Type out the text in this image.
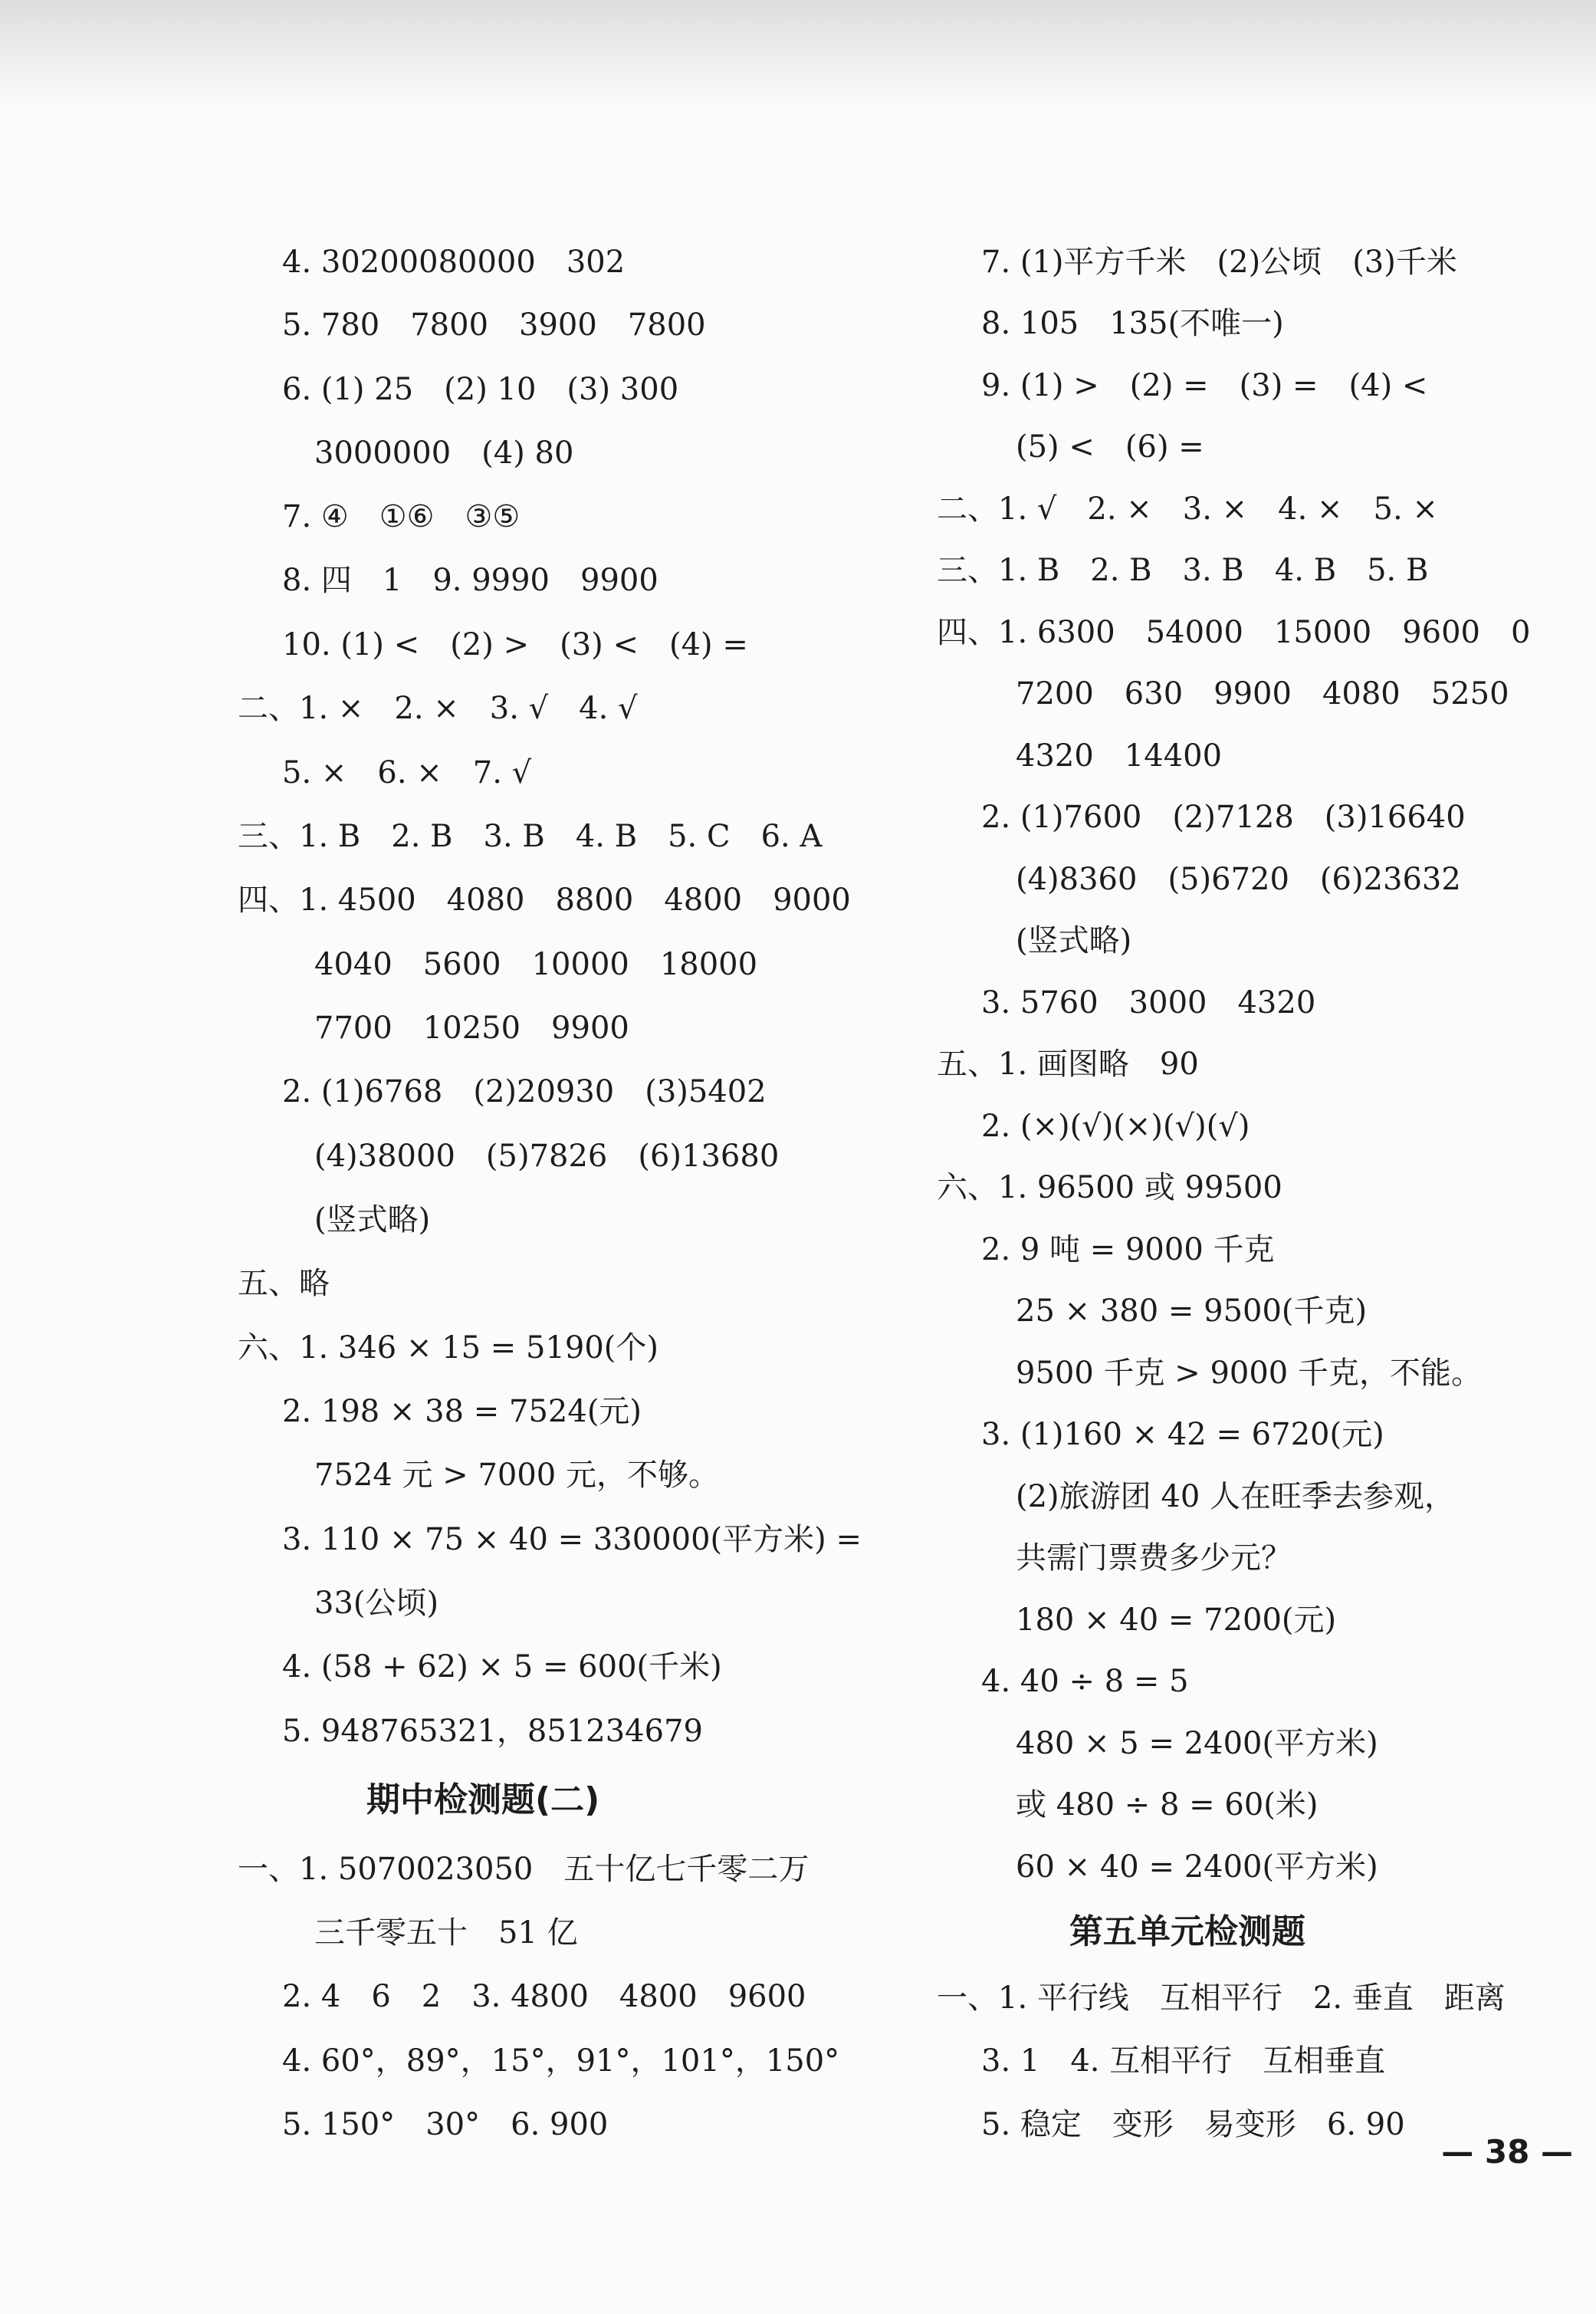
4. 30200080000　302
5. 780　7800　3900　7800
6. (1) 25　(2) 10　(3) 300
3000000　(4) 80
7. ④　①⑥　③⑤
8. 四　1　9. 9990　9900
10. (1) <　(2) >　(3) <　(4) =
二、1. ×　2. ×　3. √　4. √
5. ×　6. ×　7. √
三、1. B　2. B　3. B　4. B　5. C　6. A
四、1. 4500　4080　8800　4800　9000
4040　5600　10000　18000
7700　10250　9900
2. (1)6768　(2)20930　(3)5402
(4)38000　(5)7826　(6)13680
(竖式略)
五、略
六、1. 346 × 15 = 5190(个)
2. 198 × 38 = 7524(元)
7524 元 > 7000 元，不够。
3. 110 × 75 × 40 = 330000(平方米) =
33(公顷)
4. (58 + 62) × 5 = 600(千米)
5. 948765321，851234679
期中检测题(二)
一、1. 5070023050　五十亿七千零二万
三千零五十　51 亿
2. 4　6　2　3. 4800　4800　9600
4. 60°，89°，15°，91°，101°，150°
5. 150°　30°　6. 900
7. (1)平方千米　(2)公顷　(3)千米
8. 105　135(不唯一)
9. (1) >　(2) =　(3) =　(4) <
(5) <　(6) =
二、1. √　2. ×　3. ×　4. ×　5. ×
三、1. B　2. B　3. B　4. B　5. B
四、1. 6300　54000　15000　9600　0
7200　630　9900　4080　5250
4320　14400
2. (1)7600　(2)7128　(3)16640
(4)8360　(5)6720　(6)23632
(竖式略)
3. 5760　3000　4320
五、1. 画图略　90
2. (×)(√)(×)(√)(√)
六、1. 96500 或 99500
2. 9 吨 = 9000 千克
25 × 380 = 9500(千克)
9500 千克 > 9000 千克，不能。
3. (1)160 × 42 = 6720(元)
(2)旅游团 40 人在旺季去参观，
共需门票费多少元？
180 × 40 = 7200(元)
4. 40 ÷ 8 = 5
480 × 5 = 2400(平方米)
或 480 ÷ 8 = 60(米)
60 × 40 = 2400(平方米)
第五单元检测题
一、1. 平行线　互相平行　2. 垂直　距离
3. 1　4. 互相平行　互相垂直
5. 稳定　变形　易变形　6. 90
— 38 —
